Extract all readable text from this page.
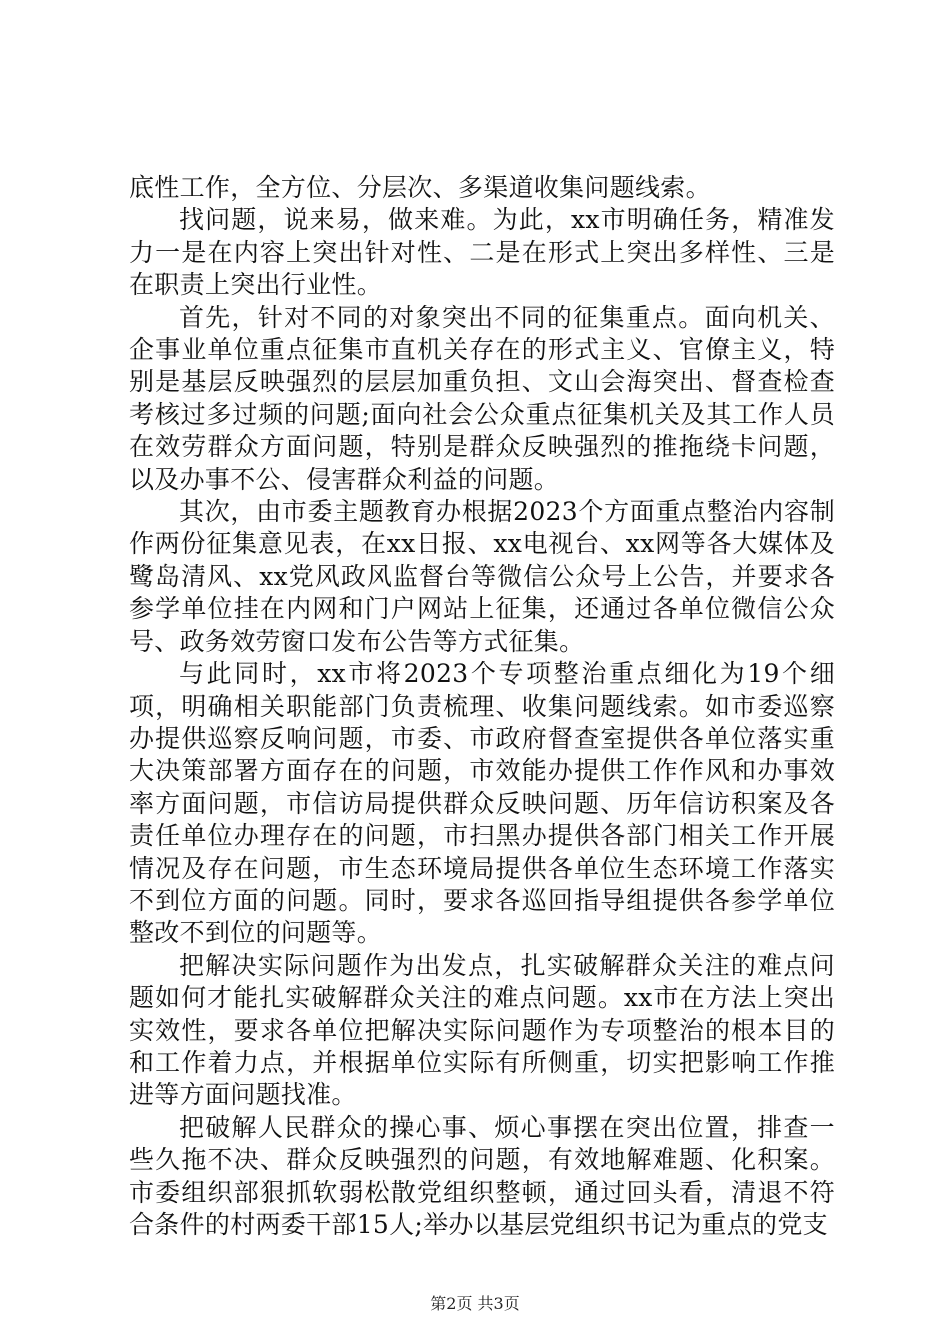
底性工作，全方位、分层次、多渠道收集问题线索。

找问题，说来易，做来难。为此，xx市明确任务，精准发力一是在内容上突出针对性、二是在形式上突出多样性、三是在职责上突出行业性。

首先，针对不同的对象突出不同的征集重点。面向机关、企事业单位重点征集市直机关存在的形式主义、官僚主义，特别是基层反映强烈的层层加重负担、文山会海突出、督查检查考核过多过频的问题;面向社会公众重点征集机关及其工作人员在效劳群众方面问题，特别是群众反映强烈的推拖绕卡问题，以及办事不公、侵害群众利益的问题。

其次，由市委主题教育办根据2023个方面重点整治内容制作两份征集意见表，在xx日报、xx电视台、xx网等各大媒体及鹭岛清风、xx党风政风监督台等微信公众号上公告，并要求各参学单位挂在内网和门户网站上征集，还通过各单位微信公众号、政务效劳窗口发布公告等方式征集。

与此同时，xx市将2023个专项整治重点细化为19个细项，明确相关职能部门负责梳理、收集问题线索。如市委巡察办提供巡察反响问题，市委、市政府督查室提供各单位落实重大决策部署方面存在的问题，市效能办提供工作作风和办事效率方面问题，市信访局提供群众反映问题、历年信访积案及各责任单位办理存在的问题，市扫黑办提供各部门相关工作开展情况及存在问题，市生态环境局提供各单位生态环境工作落实不到位方面的问题。同时，要求各巡回指导组提供各参学单位整改不到位的问题等。

把解决实际问题作为出发点，扎实破解群众关注的难点问题如何才能扎实破解群众关注的难点问题。xx市在方法上突出实效性，要求各单位把解决实际问题作为专项整治的根本目的和工作着力点，并根据单位实际有所侧重，切实把影响工作推进等方面问题找准。

把破解人民群众的操心事、烦心事摆在突出位置，排查一些久拖不决、群众反映强烈的问题，有效地解难题、化积案。市委组织部狠抓软弱松散党组织整顿，通过回头看，清退不符合条件的村两委干部15人;举办以基层党组织书记为重点的党支

第2页 共3页
